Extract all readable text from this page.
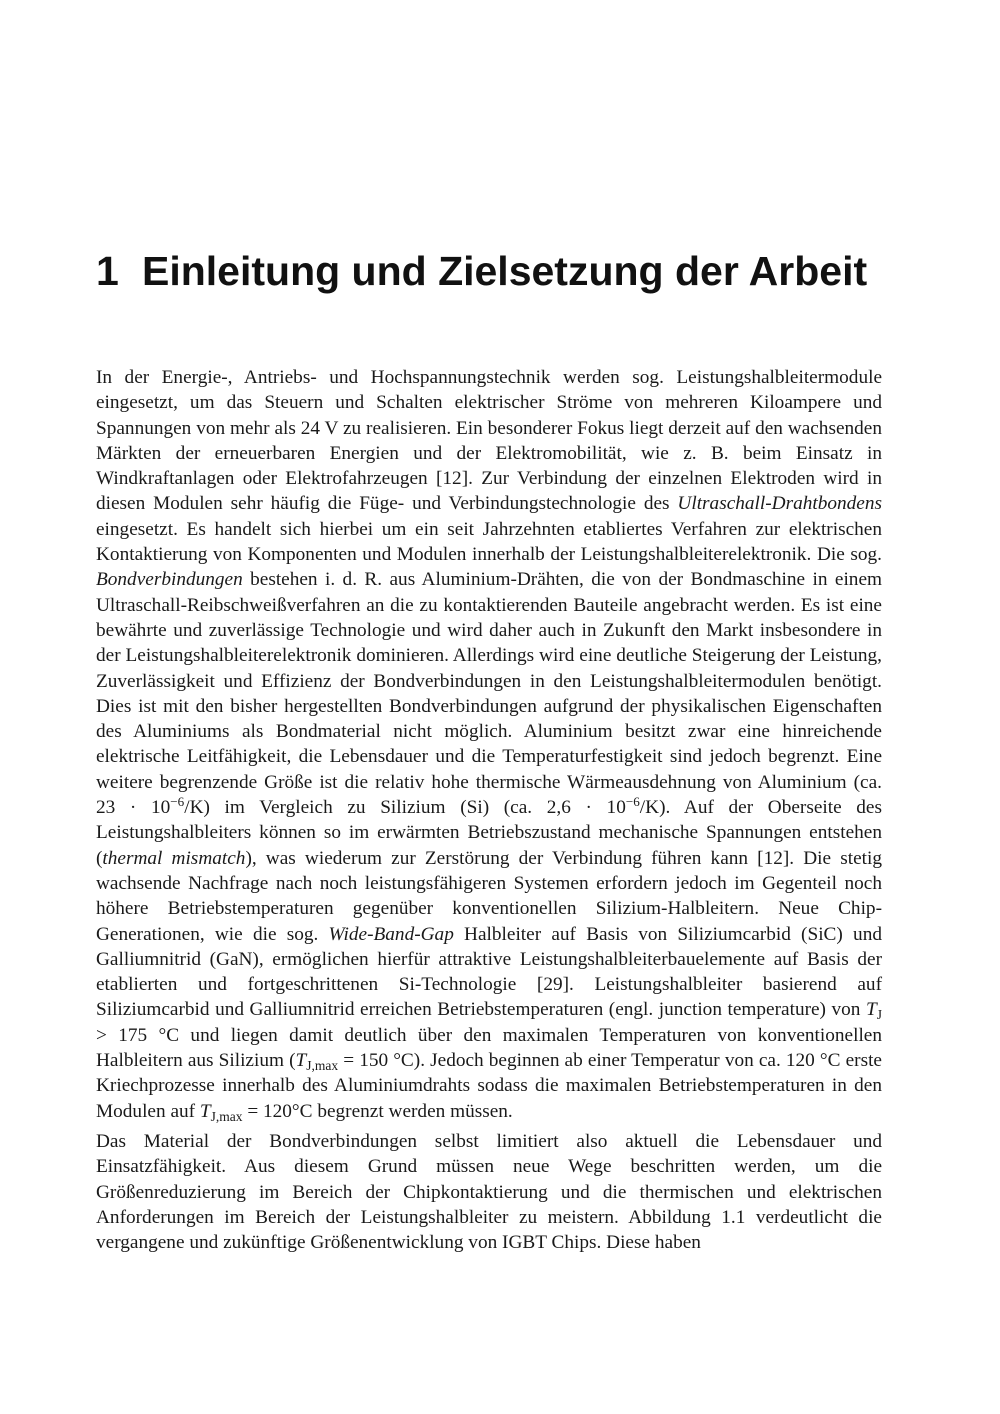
1 Einleitung und Zielsetzung der Arbeit

In der Energie-, Antriebs- und Hochspannungstechnik werden sog. Leistungshalbleitermodule eingesetzt, um das Steuern und Schalten elektrischer Ströme von mehreren Kiloampere und Spannungen von mehr als 24 V zu realisieren. Ein besonderer Fokus liegt derzeit auf den wachsenden Märkten der erneuerbaren Energien und der Elektromobilität, wie z. B. beim Einsatz in Windkraftanlagen oder Elektrofahrzeugen [12]. Zur Verbindung der einzelnen Elektroden wird in diesen Modulen sehr häufig die Füge- und Verbindungstechnologie des Ultraschall-Drahtbondens eingesetzt. Es handelt sich hierbei um ein seit Jahrzehnten etabliertes Verfahren zur elektrischen Kontaktierung von Komponenten und Modulen innerhalb der Leistungshalbleiterelektronik. Die sog. Bondverbindungen bestehen i. d. R. aus Aluminium-Drähten, die von der Bondmaschine in einem Ultraschall-Reibschweißverfahren an die zu kontaktierenden Bauteile angebracht werden. Es ist eine bewährte und zuverlässige Technologie und wird daher auch in Zukunft den Markt insbesondere in der Leistungshalbleiterelektronik dominieren. Allerdings wird eine deutliche Steigerung der Leistung, Zuverlässigkeit und Effizienz der Bondverbindungen in den Leistungshalbleitermodulen benötigt. Dies ist mit den bisher hergestellten Bondverbindungen aufgrund der physikalischen Eigenschaften des Aluminiums als Bondmaterial nicht möglich. Aluminium besitzt zwar eine hinreichende elektrische Leitfähigkeit, die Lebensdauer und die Temperaturfestigkeit sind jedoch begrenzt. Eine weitere begrenzende Größe ist die relativ hohe thermische Wärmeausdehnung von Aluminium (ca. $23 \cdot 10^{-6}/K$) im Vergleich zu Silizium (Si) (ca. $2,6 \cdot 10^{-6}/K$). Auf der Oberseite des Leistungshalbleiters können so im erwärmten Betriebszustand mechanische Spannungen entstehen (thermal mismatch), was wiederum zur Zerstörung der Verbindung führen kann [12]. Die stetig wachsende Nachfrage nach noch leistungsfähigeren Systemen erfordern jedoch im Gegenteil noch höhere Betriebstemperaturen gegenüber konventionellen Silizium-Halbleitern. Neue Chip-Generationen, wie die sog. Wide-Band-Gap Halbleiter auf Basis von Siliziumcarbid (SiC) und Galliumnitrid (GaN), ermöglichen hierfür attraktive Leistungshalbleiterbauelemente auf Basis der etablierten und fortgeschrittenen Si-Technologie [29]. Leistungshalbleiter basierend auf Siliziumcarbid und Galliumnitrid erreichen Betriebstemperaturen (engl. junction temperature) von $T_J > 175$ °C und liegen damit deutlich über den maximalen Temperaturen von konventionellen Halbleitern aus Silizium ($T_{J,max} = 150$ °C). Jedoch beginnen ab einer Temperatur von ca. 120 °C erste Kriechprozesse innerhalb des Aluminiumdrahts sodass die maximalen Betriebstemperaturen in den Modulen auf $T_{J,max} = 120^\circ C$ begrenzt werden müssen.

Das Material der Bondverbindungen selbst limitiert also aktuell die Lebensdauer und Einsatzfähigkeit. Aus diesem Grund müssen neue Wege beschritten werden, um die Größenreduzierung im Bereich der Chipkontaktierung und die thermischen und elektrischen Anforderungen im Bereich der Leistungshalbleiter zu meistern. Abbildung 1.1 verdeutlicht die vergangene und zukünftige Größenentwicklung von IGBT Chips. Diese haben
